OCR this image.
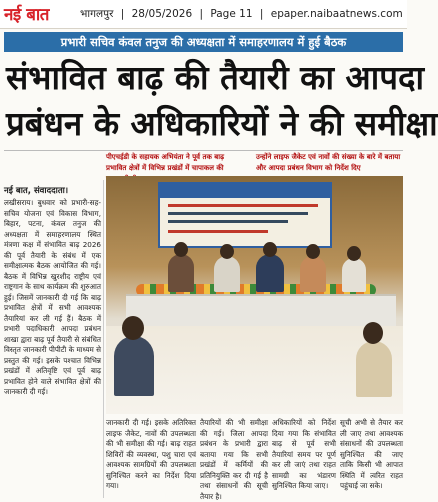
नई बात	भागलपुर | 28/05/2026 | Page 11 | epaper.naibaatnews.com
प्रभारी सचिव कंवल तनुज की अध्यक्षता में समाहरणालय में हुई बैठक
संभावित बाढ़ की तैयारी का आपदा
प्रबंधन के अधिकारियों ने की समीक्षा
नई बात, संवाददाता।
लखीसराय। बुधवार को प्रभारी-सह-सचिव योजना एवं विकास विभाग, बिहार, पटना, कंवल तनुज की अध्यक्षता में समाहरणालय स्थित मंत्रणा कक्ष में संभावित बाढ़ 2026 की पूर्व तैयारी के संबंध में एक समीक्षात्मक बैठक आयोजित की गई। बैठक में विभिन्न खुरशीद राष्ट्रीय एवं राष्ट्रगान के साथ कार्यक्रम की शुरुआत हुई। जिसमें जानकारी दी गई कि बाढ़ प्रभावित क्षेत्रों में सभी आवश्यक तैयारियां कर ली गई हैं। बैठक में प्रभारी पदाधिकारी आपदा प्रबंधन शाखा द्वारा बाढ़ पूर्व तैयारी से संबंधित विस्तृत जानकारी पीपीटी के माध्यम से प्रस्तुत की गई। इसके पश्चात विभिन्न प्रखंडों में अतिवृष्टि एवं पूर्व बाढ़ प्रभावित होने वाले संभावित क्षेत्रों की जानकारी दी गई।
पीएचईडी के सहायक अभियंता ने पूर्व तक बाढ़ प्रभावित क्षेत्रों में विभिन्न प्रखंडों में चापाकल की
उन्होंने लाइफ जैकेट एवं नावों की संख्या के बारे में बताया और आपदा प्रबंधन विभाग को निर्देश दिए
जानकारी दी गई। इसके अतिरिक्त लाइफ जैकेट, नावों की उपलब्धता की भी समीक्षा की गई। बाढ़ राहत शिविरों की व्यवस्था, पशु चारा एवं आवश्यक सामग्रियों की उपलब्धता सुनिश्चित करने का निर्देश दिया गया।
तैयारियों की भी समीक्षा की गई। जिला आपदा प्रबंधन के प्रभारी द्वारा बताया गया कि सभी प्रखंडों में कर्मियों की प्रतिनियुक्ति कर दी गई है तथा संसाधनों की सूची तैयार है।
अधिकारियों को निर्देश दिया गया कि संभावित बाढ़ से पूर्व सभी तैयारियां समय पर पूर्ण कर ली जाएं तथा राहत सामग्री का भंडारण सुनिश्चित किया जाए।
सूची अभी से तैयार कर ली जाए तथा आवश्यक संसाधनों की उपलब्धता सुनिश्चित की जाए ताकि किसी भी आपात स्थिति में त्वरित राहत पहुंचाई जा सके।
